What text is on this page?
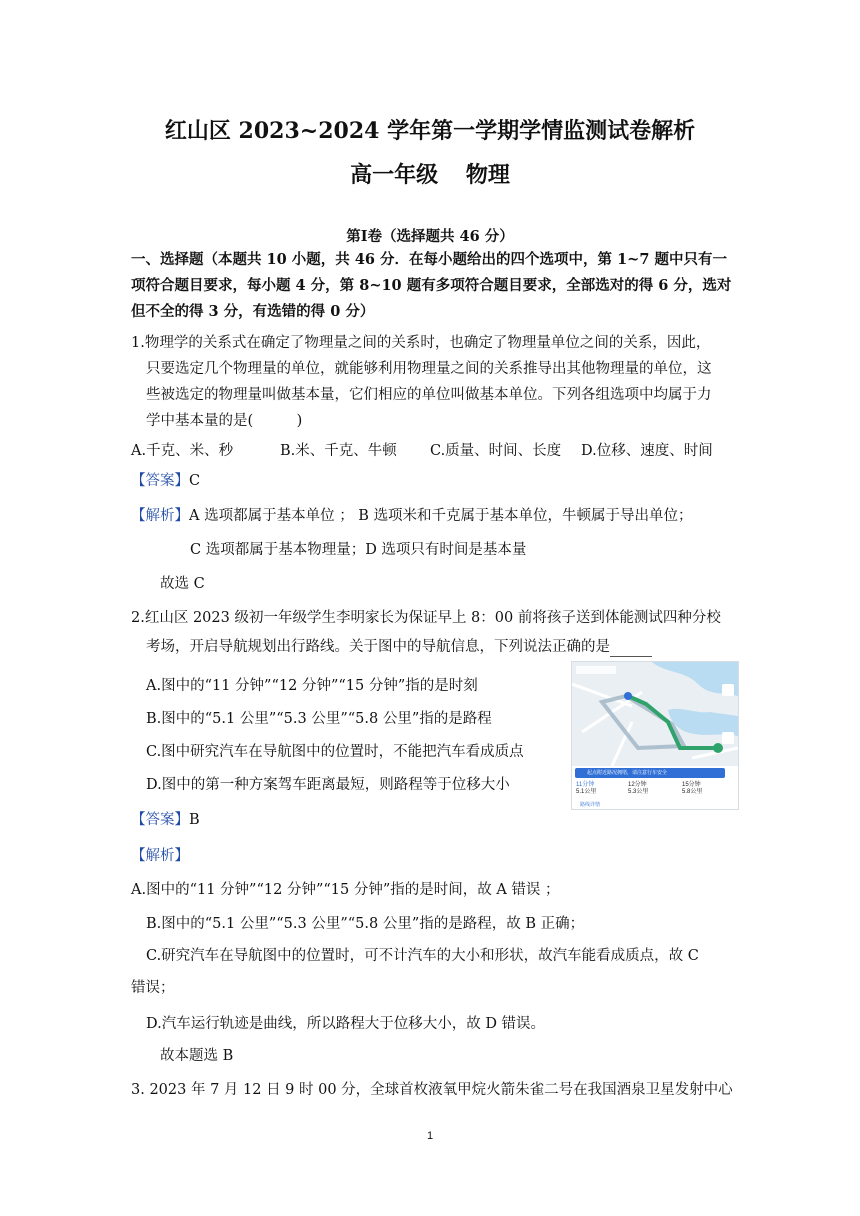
红山区 2023~2024 学年第一学期学情监测试卷解析
高一年级 物理
第Ⅰ卷（选择题共 46 分）
一、选择题（本题共 10 小题，共 46 分．在每小题给出的四个选项中，第 1~7 题中只有一
项符合题目要求，每小题 4 分，第 8~10 题有多项符合题目要求，全部选对的得 6 分，选对
但不全的得 3 分，有选错的得 0 分）
1.物理学的关系式在确定了物理量之间的关系时，也确定了物理量单位之间的关系，因此，
只要选定几个物理量的单位，就能够利用物理量之间的关系推导出其他物理量的单位，这
些被选定的物理量叫做基本量，它们相应的单位叫做基本单位。下列各组选项中均属于力
学中基本量的是(　　　)
A.千克、米、秒	B.米、千克、牛顿 C.质量、时间、长度 D.位移、速度、时间
【答案】C
【解析】A 选项都属于基本单位 ； B 选项米和千克属于基本单位，牛顿属于导出单位；
C 选项都属于基本物理量；D 选项只有时间是基本量
故选 C
2.红山区 2023 级初一年级学生李明家长为保证早上 8：00 前将孩子送到体能测试四种分校
考场，开启导航规划出行路线。关于图中的导航信息，下列说法正确的是
A.图中的“11 分钟”“12 分钟”“15 分钟”指的是时刻
B.图中的“5.1 公里”“5.3 公里”“5.8 公里”指的是路程
C.图中研究汽车在导航图中的位置时，不能把汽车看成质点
D.图中的第一种方案驾车距离最短，则路程等于位移大小
起点附近路况拥堵，请注意行车安全
11分钟
5.1公里
12分钟
5.3公里
15分钟
5.8公里
路线详情
【答案】B
【解析】
A.图中的“11 分钟”“12 分钟”“15 分钟”指的是时间，故 A 错误 ；
B.图中的“5.1 公里”“5.3 公里”“5.8 公里”指的是路程，故 B 正确；
C.研究汽车在导航图中的位置时，可不计汽车的大小和形状，故汽车能看成质点，故 C
错误；
D.汽车运行轨迹是曲线，所以路程大于位移大小，故 D 错误。
故本题选 B
3. 2023 年 7 月 12 日 9 时 00 分，全球首枚液氧甲烷火箭朱雀二号在我国酒泉卫星发射中心
1
